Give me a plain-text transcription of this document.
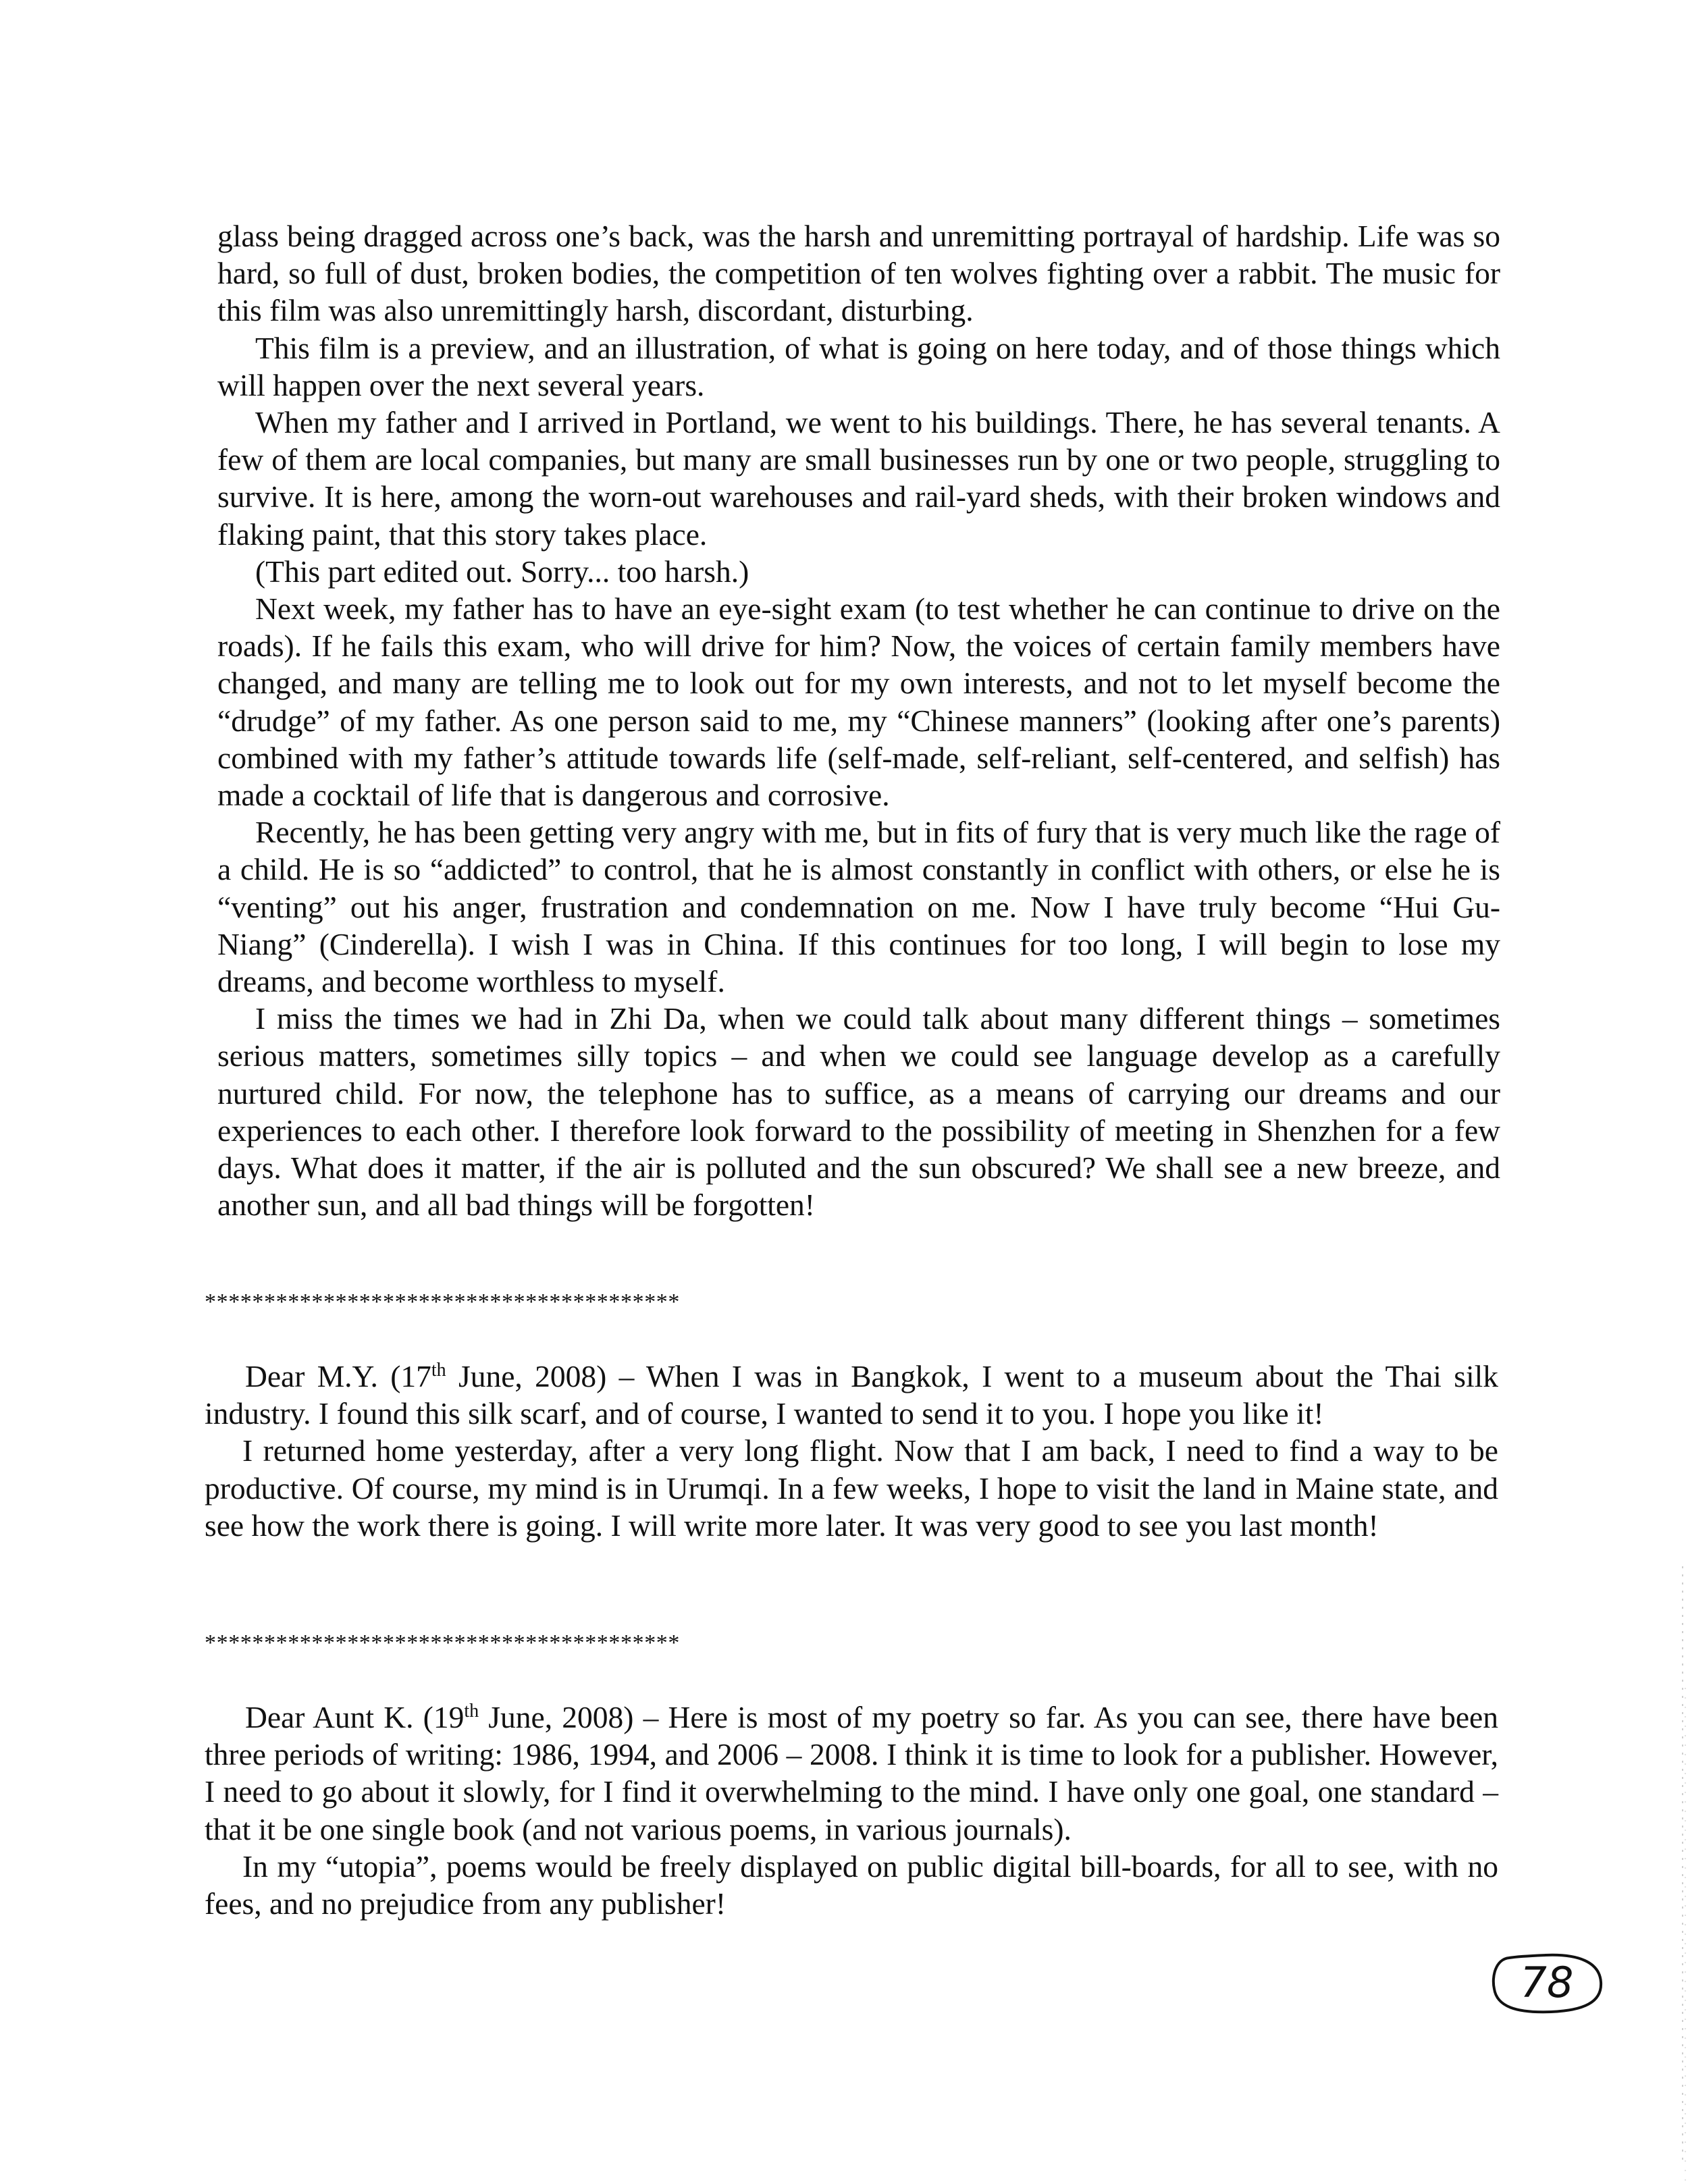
glass being dragged across one’s back, was the harsh and unremitting portrayal of hardship. Life was so hard, so full of dust, broken bodies, the competition of ten wolves fighting over a rabbit. The music for this film was also unremittingly harsh, discordant, disturbing.

This film is a preview, and an illustration, of what is going on here today, and of those things which will happen over the next several years.

When my father and I arrived in Portland, we went to his buildings. There, he has several tenants. A few of them are local companies, but many are small businesses run by one or two people, struggling to survive. It is here, among the worn-out warehouses and rail-yard sheds, with their broken windows and flaking paint, that this story takes place.

(This part edited out. Sorry... too harsh.)

Next week, my father has to have an eye-sight exam (to test whether he can continue to drive on the roads). If he fails this exam, who will drive for him? Now, the voices of certain family members have changed, and many are telling me to look out for my own interests, and not to let myself become the “drudge” of my father. As one person said to me, my “Chinese manners” (looking after one’s parents) combined with my father’s attitude towards life (self-made, self-reliant, self-centered, and selfish) has made a cocktail of life that is dangerous and corrosive.

Recently, he has been getting very angry with me, but in fits of fury that is very much like the rage of a child. He is so “addicted” to control, that he is almost constantly in conflict with others, or else he is “venting” out his anger, frustration and condemnation on me. Now I have truly become “Hui Gu-Niang” (Cinderella). I wish I was in China. If this continues for too long, I will begin to lose my dreams, and become worthless to myself.

I miss the times we had in Zhi Da, when we could talk about many different things – sometimes serious matters, sometimes silly topics – and when we could see language develop as a carefully nurtured child. For now, the telephone has to suffice, as a means of carrying our dreams and our experiences to each other. I therefore look forward to the possibility of meeting in Shenzhen for a few days. What does it matter, if the air is polluted and the sun obscured? We shall see a new breeze, and another sun, and all bad things will be forgotten!

****************************************

Dear M.Y. (17th June, 2008) – When I was in Bangkok, I went to a museum about the Thai silk industry. I found this silk scarf, and of course, I wanted to send it to you. I hope you like it!

I returned home yesterday, after a very long flight. Now that I am back, I need to find a way to be productive. Of course, my mind is in Urumqi. In a few weeks, I hope to visit the land in Maine state, and see how the work there is going. I will write more later. It was very good to see you last month!

****************************************

Dear Aunt K. (19th June, 2008) – Here is most of my poetry so far. As you can see, there have been three periods of writing: 1986, 1994, and 2006 – 2008. I think it is time to look for a publisher. However, I need to go about it slowly, for I find it overwhelming to the mind. I have only one goal, one standard – that it be one single book (and not various poems, in various journals).

In my “utopia”, poems would be freely displayed on public digital bill-boards, for all to see, with no fees, and no prejudice from any publisher!

78
